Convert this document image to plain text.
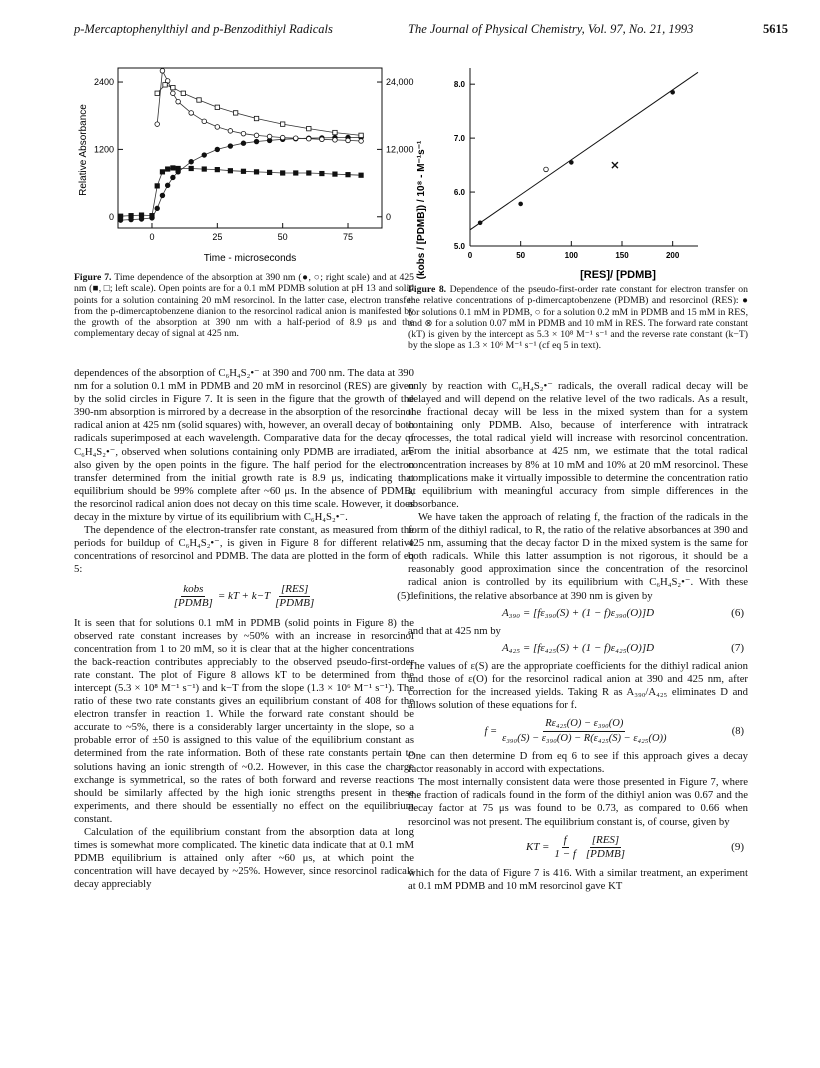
p-Mercaptophenylthiyl and p-Benzodithiyl Radicals	The Journal of Physical Chemistry, Vol. 97, No. 21, 1993	5615
0	25	50	75
0
1200
2400
0
12,000
24,000
Relative Absorbance
Time - microseconds
Figure 7. Time dependence of the absorption at 390 nm (●, ○; right scale) and at 425 nm (■, □; left scale). Open points are for a 0.1 mM PDMB solution at pH 13 and solid points for a solution containing 20 mM resorcinol. In the latter case, electron transfer from the p-dimercaptobenzene dianion to the resorcinol radical anion is manifested by the growth of the absorption at 390 nm with a half-period of 8.9 μs and the complementary decay of signal at 425 nm.

dependences of the absorption of C₆H₄S₂•⁻ at 390 and 700 nm. The data at 390 nm for a solution 0.1 mM in PDMB and 20 mM in resorcinol (RES) are given by the solid circles in Figure 7. It is seen in the figure that the growth of the 390-nm absorption is mirrored by a decrease in the absorption of the resorcinol radical anion at 425 nm (solid squares) with, however, an overall decay of both radicals superimposed at each wavelength. Comparative data for the decay of C₆H₄S₂•⁻, observed when solutions containing only PDMB are irradiated, are also given by the open points in the figure. The half period for the electron transfer determined from the initial growth rate is 8.9 μs, indicating that equilibrium should be 99% complete after ~60 μs. In the absence of PDMB, the resorcinol radical anion does not decay on this time scale. However, it does decay in the mixture by virtue of its equilibrium with C₆H₄S₂•⁻.

The dependence of the electron-transfer rate constant, as measured from the periods for buildup of C₆H₄S₂•⁻, is given in Figure 8 for different relative concentrations of resorcinol and PDMB. The data are plotted in the form of eq 5:

$\frac{\text{kobs}}{\text{[PDMB]}}$ = kT + $k-T \frac{\text{[RES]}}{\text{[PDMB]}}$	(5)

It is seen that for solutions 0.1 mM in PDMB (solid points in Figure 8) the observed rate constant increases by ~50% with an increase in resorcinol concentration from 1 to 20 mM, so it is clear that at the higher concentrations the back-reaction contributes appreciably to the observed pseudo-first-order rate constant. The plot of Figure 8 allows kT to be determined from the intercept (5.3 × 10⁸ M⁻¹ s⁻¹) and k−T from the slope (1.3 × 10⁶ M⁻¹ s⁻¹). The ratio of these two rate constants gives an equilibrium constant of 408 for the electron transfer in reaction 1. While the forward rate constant should be accurate to ~5%, there is a considerably larger uncertainty in the slope, so a probable error of ±50 is assigned to this value of the equilibrium constant as determined from the rate information. Both of these rate constants pertain to solutions having an ionic strength of ~0.2. However, in this case the charge exchange is symmetrical, so the rates of both forward and reverse reactions should be similarly affected by the high ionic strengths present in these experiments, and there should be essentially no effect on the equilibrium constant.

Calculation of the equilibrium constant from the absorption data at long times is somewhat more complicated. The kinetic data indicate that at 0.1 mM PDMB equilibrium is attained only after ~60 μs, at which point the concentration will have decayed by ~25%. However, since resorcinol radicals decay appreciably

0	50	100	150	200
5.0
6.0
7.0
8.0
(kobs / [PDMB]) / 10⁸ - M⁻¹s⁻¹	[RES]/ [PDMB]
Figure 8. Dependence of the pseudo-first-order rate constant for electron transfer on the relative concentrations of p-dimercaptobenzene (PDMB) and resorcinol (RES): ● for solutions 0.1 mM in PDMB, ○ for a solution 0.2 mM in PDMB and 15 mM in RES, and ⊗ for a solution 0.07 mM in PDMB and 10 mM in RES. The forward rate constant (kT) is given by the intercept as 5.3 × 10⁸ M⁻¹ s⁻¹ and the reverse rate constant (k−T) by the slope as 1.3 × 10⁶ M⁻¹ s⁻¹ (cf eq 5 in text).

only by reaction with C₆H₄S₂•⁻ radicals, the overall radical decay will be delayed and will depend on the relative level of the two radicals. As a result, the fractional decay will be less in the mixed system than for a system containing only PDMB. Also, because of interference with intratrack processes, the total radical yield will increase with resorcinol concentration. From the initial absorbance at 425 nm, we estimate that the total radical concentration increases by 8% at 10 mM and 10% at 20 mM resorcinol. These complications make it virtually impossible to determine the concentration ratio at equilibrium with meaningful accuracy from simple differences in the absorbance.

We have taken the approach of relating f, the fraction of the radicals in the form of the dithiyl radical, to R, the ratio of the relative absorbances at 390 and 425 nm, assuming that the decay factor D in the mixed system is the same for both radicals. While this latter assumption is not rigorous, it should be a reasonably good approximation since the concentration of the resorcinol radical anion is controlled by its equilibrium with C₆H₄S₂•⁻. With these definitions, the relative absorbance at 390 nm is given by

A₃₉₀ = [fε₃₉₀(S) + (1 − f)ε₃₉₀(O)]D	(6)

and that at 425 nm by

A₄₂₅ = [fε₄₂₅(S) + (1 − f)ε₄₂₅(O)]D	(7)

The values of ε(S) are the appropriate coefficients for the dithiyl radical anion and those of ε(O) for the resorcinol radical anion at 390 and 425 nm, after correction for the increased yields. Taking R as A₃₉₀/A₄₂₅ eliminates D and allows solution of these equations for f.

$f = \frac{\text{Rε₄₂₅(O) − ε₃₉₀(O)}}{\text{ε₃₉₀(S) − ε₃₉₀(O) − R(ε₄₂₅(S) − ε₄₂₅(O))}}$	(8)

One can then determine D from eq 6 to see if this approach gives a decay factor reasonably in accord with expectations.

The most internally consistent data were those presented in Figure 7, where the fraction of radicals found in the form of the dithiyl anion was 0.67 and the decay factor at 75 μs was found to be 0.73, as compared to 0.66 when resorcinol was not present. The equilibrium constant is, of course, given by

KT = $\frac{f}{1 - f} \frac{\text{[RES]}}{\text{[PDMB]}}$	(9)

which for the data of Figure 7 is 416. With a similar treatment, an experiment at 0.1 mM PDMB and 10 mM resorcinol gave KT
